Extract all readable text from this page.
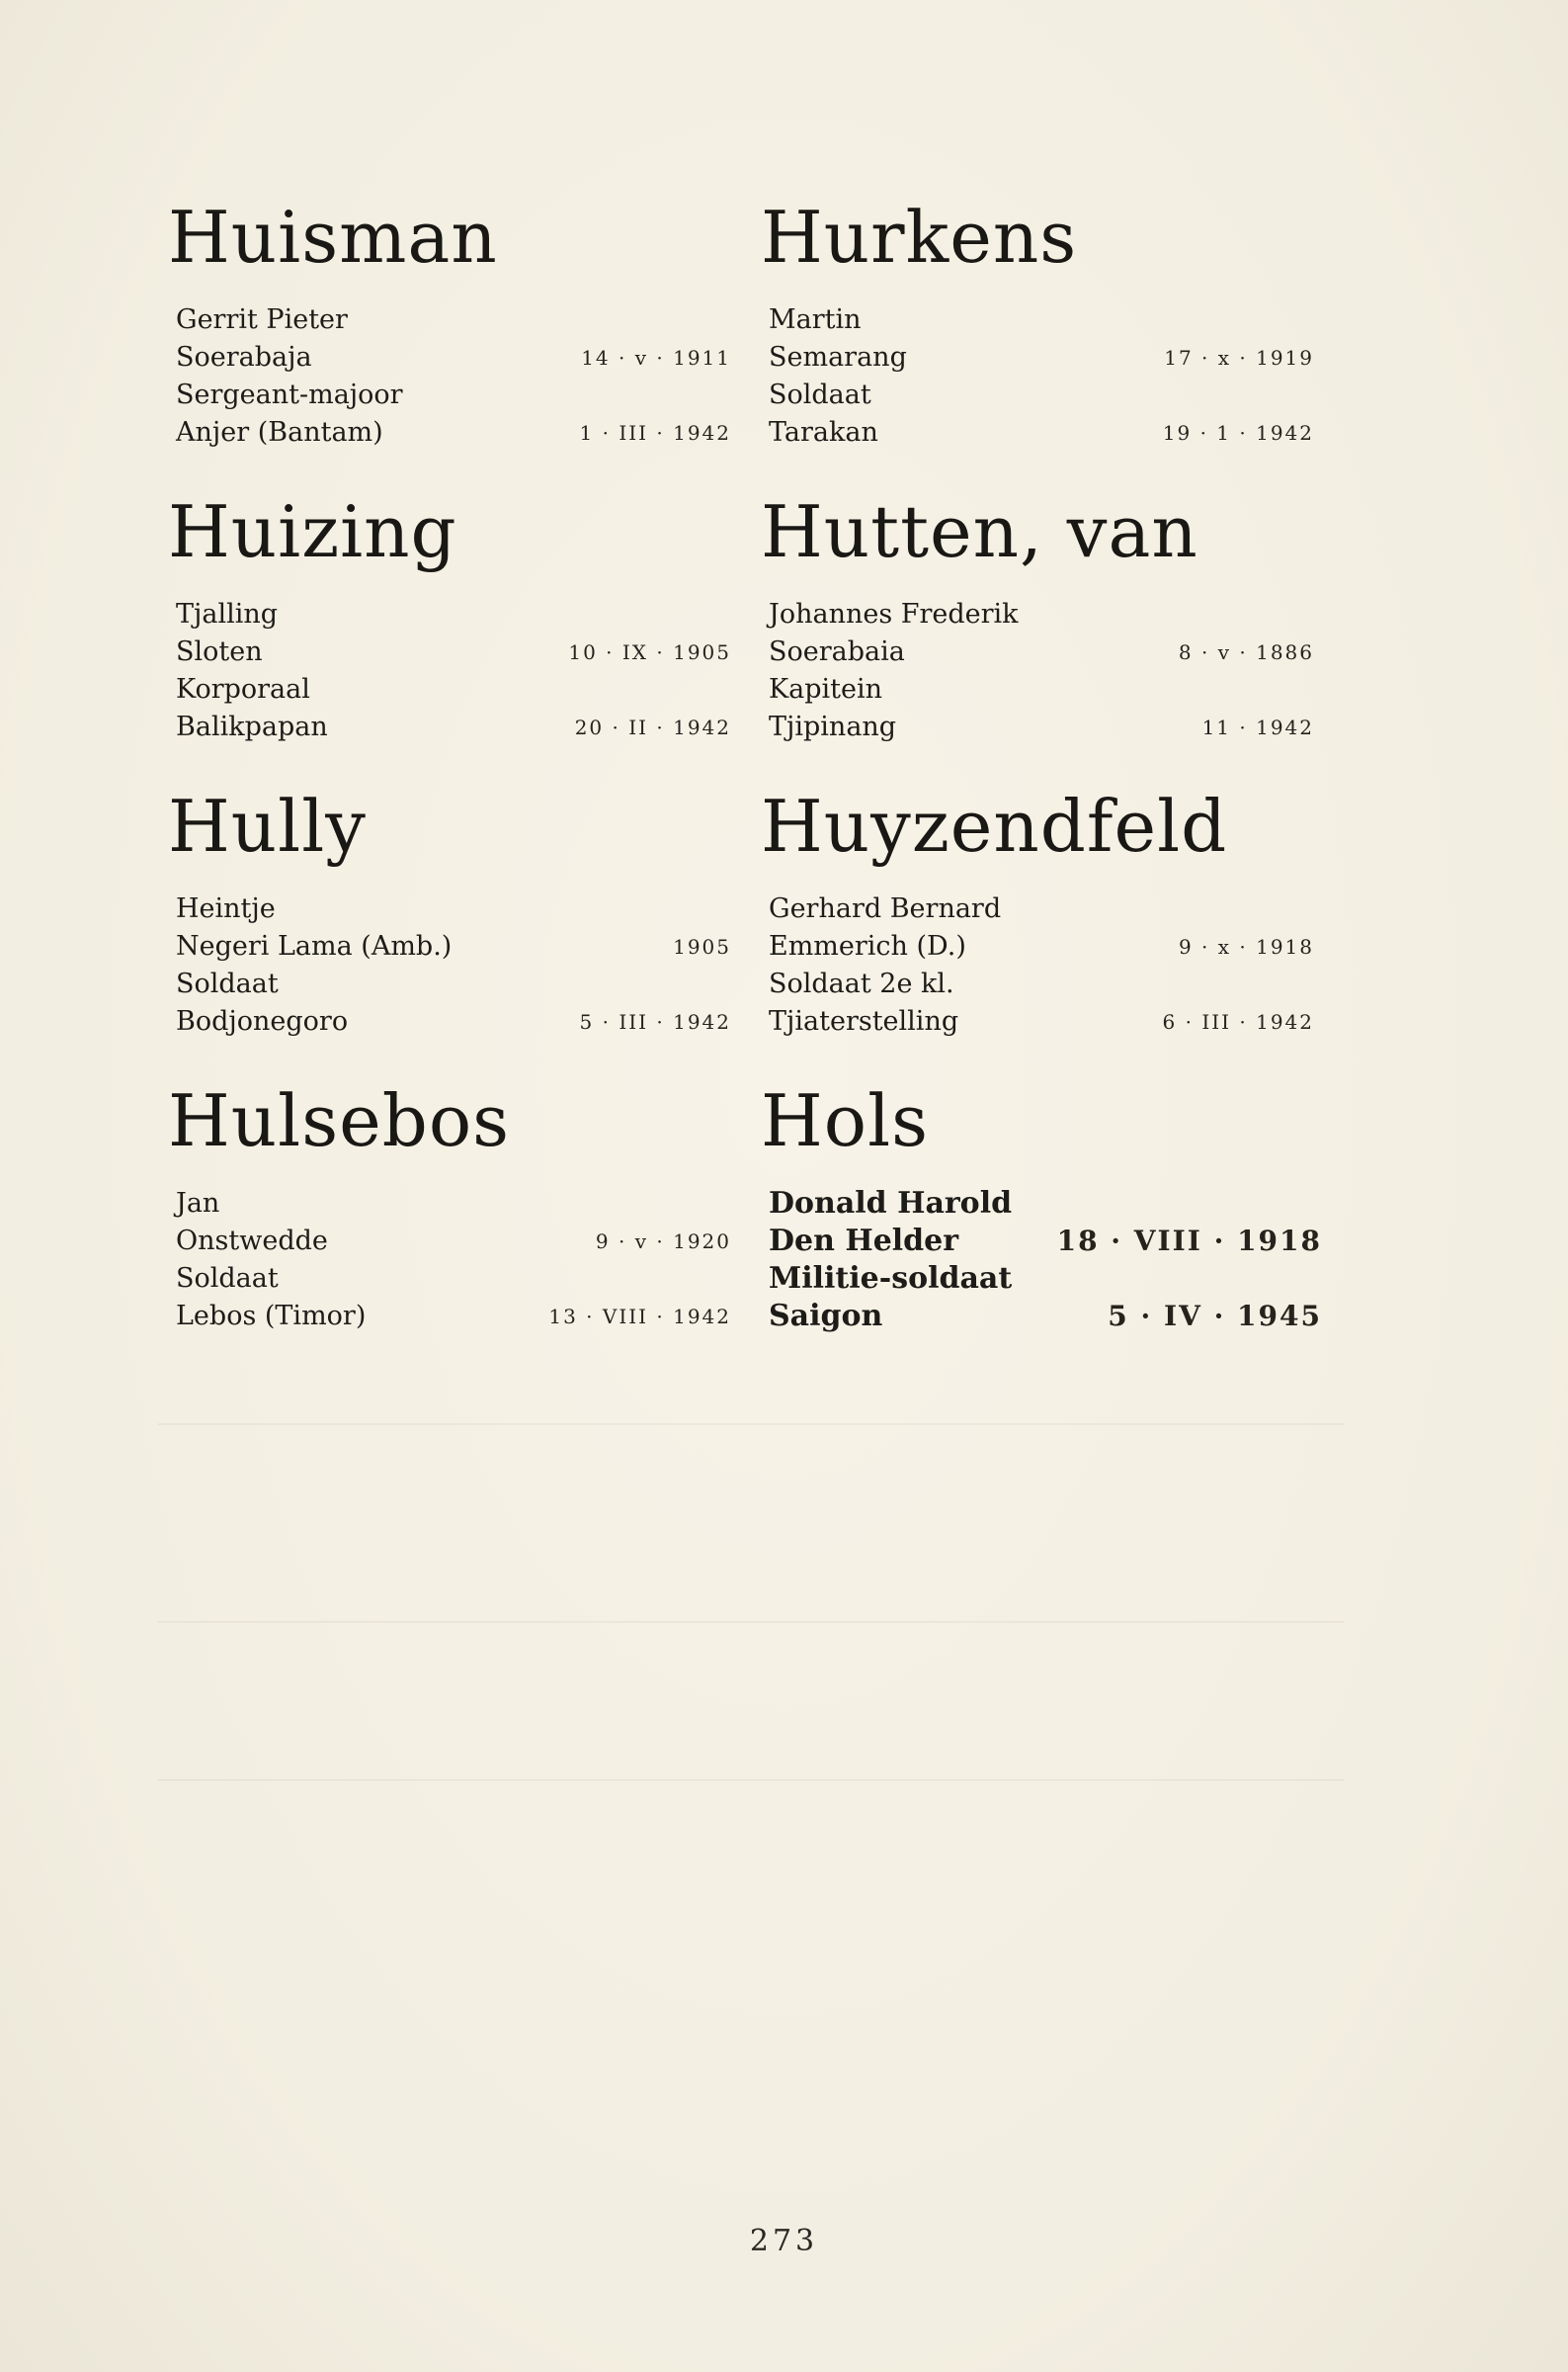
Huisman
Gerrit Pieter
Soerabaja	14 · v · 1911
Sergeant-majoor
Anjer (Bantam)	1 · III · 1942
Huizing
Tjalling
Sloten	10 · IX · 1905
Korporaal
Balikpapan	20 · II · 1942
Hully
Heintje
Negeri Lama (Amb.)	1905
Soldaat
Bodjonegoro	5 · III · 1942
Hulsebos
Jan
Onstwedde	9 · v · 1920
Soldaat
Lebos (Timor)	13 · VIII · 1942
Hurkens
Martin
Semarang	17 · x · 1919
Soldaat
Tarakan	19 · 1 · 1942
Hutten, van
Johannes Frederik
Soerabaia	8 · v · 1886
Kapitein
Tjipinang	11 · 1942
Huyzendfeld
Gerhard Bernard
Emmerich (D.)	9 · x · 1918
Soldaat 2e kl.
Tjiaterstelling	6 · III · 1942
Hols
Donald Harold
Den Helder	18 · VIII · 1918
Militie-soldaat
Saigon	5 · IV · 1945
273
